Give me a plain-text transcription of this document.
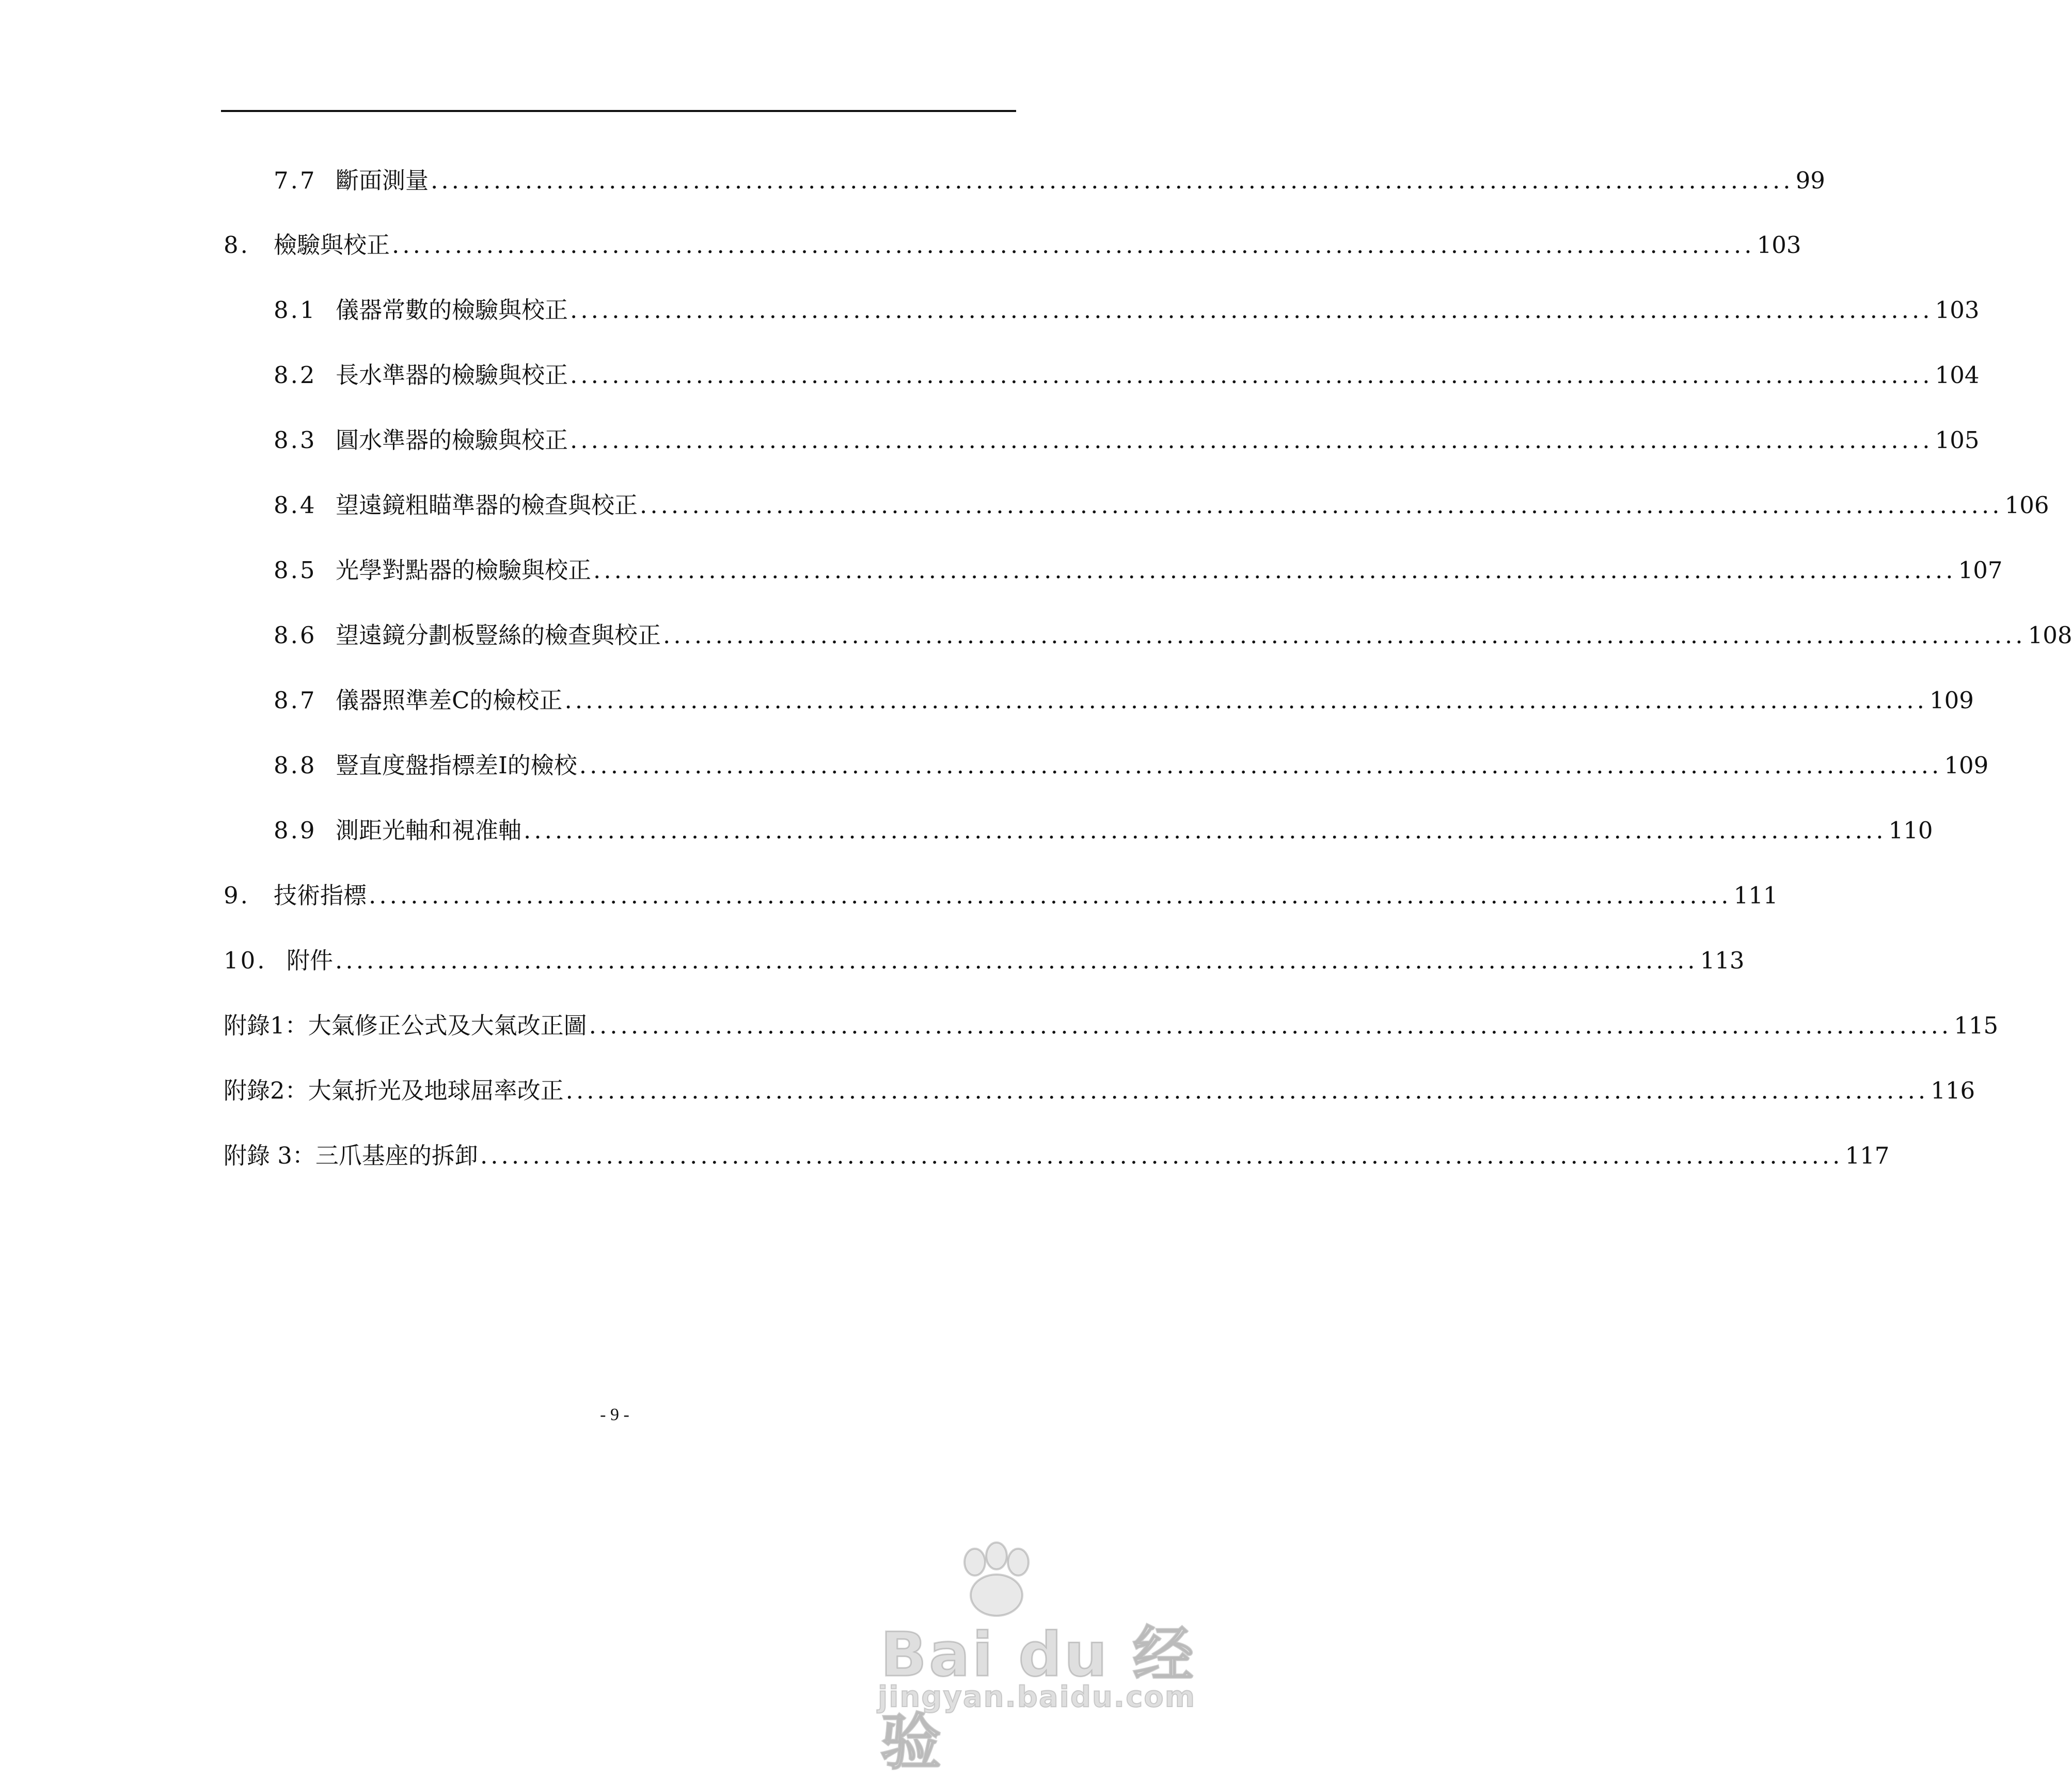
7.7 斷面測量 .................................................................................................................................. 99
8.	檢驗與校正 .................................................................................................................................. 103
8.1 儀器常數的檢驗與校正 .................................................................................................................................. 103
8.2 長水準器的檢驗與校正 .................................................................................................................................. 104
8.3 圓水準器的檢驗與校正 .................................................................................................................................. 105
8.4 望遠鏡粗瞄準器的檢查與校正 .................................................................................................................................. 106
8.5 光學對點器的檢驗與校正 .................................................................................................................................. 107
8.6 望遠鏡分劃板豎絲的檢查與校正 .................................................................................................................................. 108
8.7 儀器照準差C的檢校正 .................................................................................................................................. 109
8.8 豎直度盤指標差I的檢校 .................................................................................................................................. 109
8.9 測距光軸和視准軸 .................................................................................................................................. 110
9.	技術指標 .................................................................................................................................. 111
10. 附件 .................................................................................................................................. 113
附錄1：大氣修正公式及大氣改正圖 .................................................................................................................................. 115
附錄2：大氣折光及地球屈率改正 .................................................................................................................................. 116
附錄 3：三爪基座的拆卸 .................................................................................................................................. 117
- 9 -
Bai du 经验
jingyan.baidu.com
